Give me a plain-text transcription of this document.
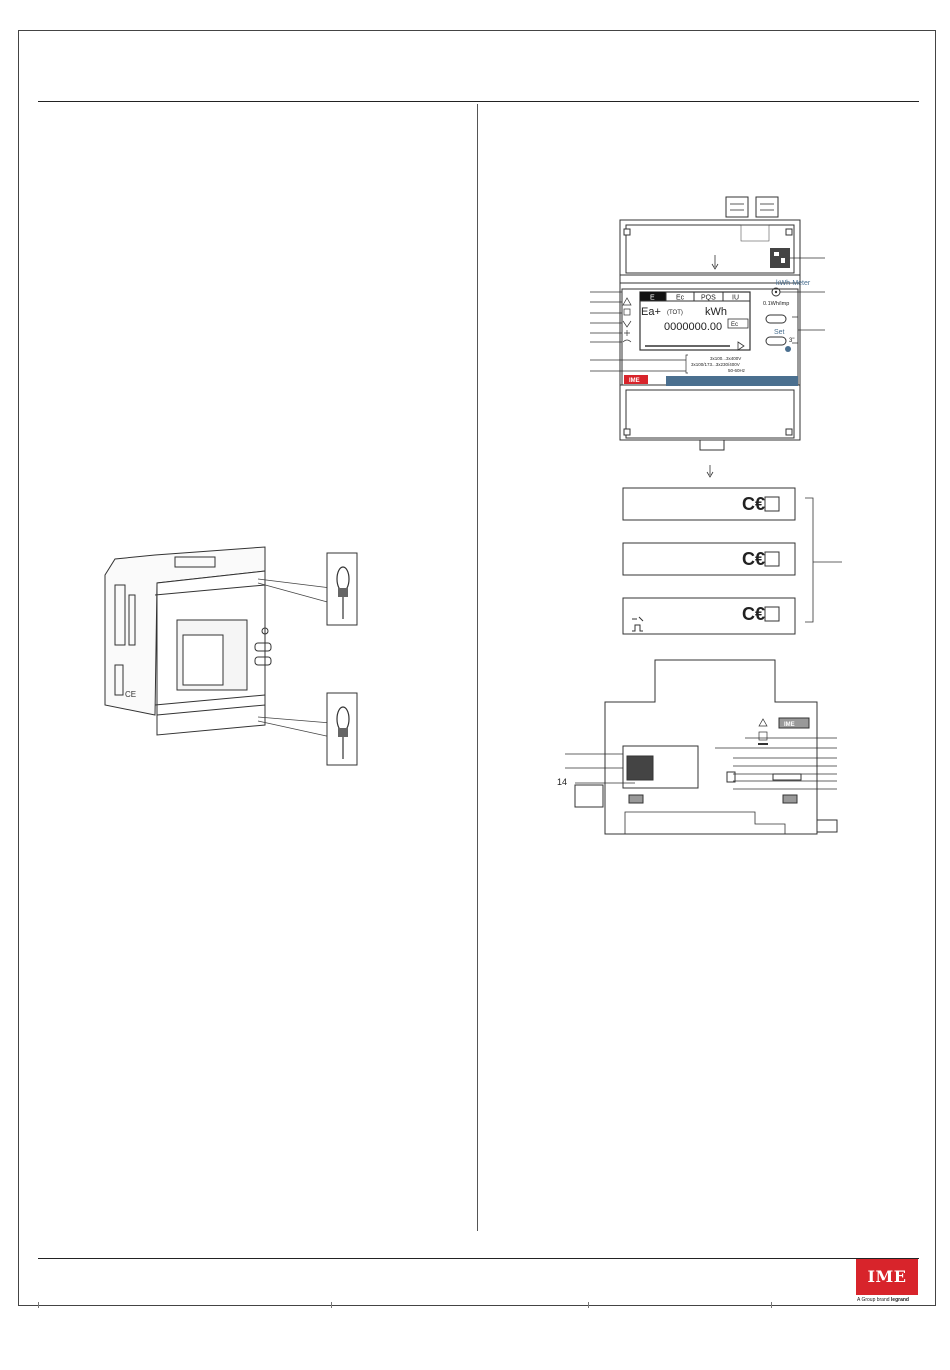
CE
E	Ec PQS IU
Ea+ (TOT) kWh
0000000.00 Ec
kWh-Meter
0.1Wh/imp
Set
3"
3x100...3x400V
3x100/173...3x230/400V
50-60Hz
IME
C€
C€
C€
IME
14
IME
A Group brand legrand
